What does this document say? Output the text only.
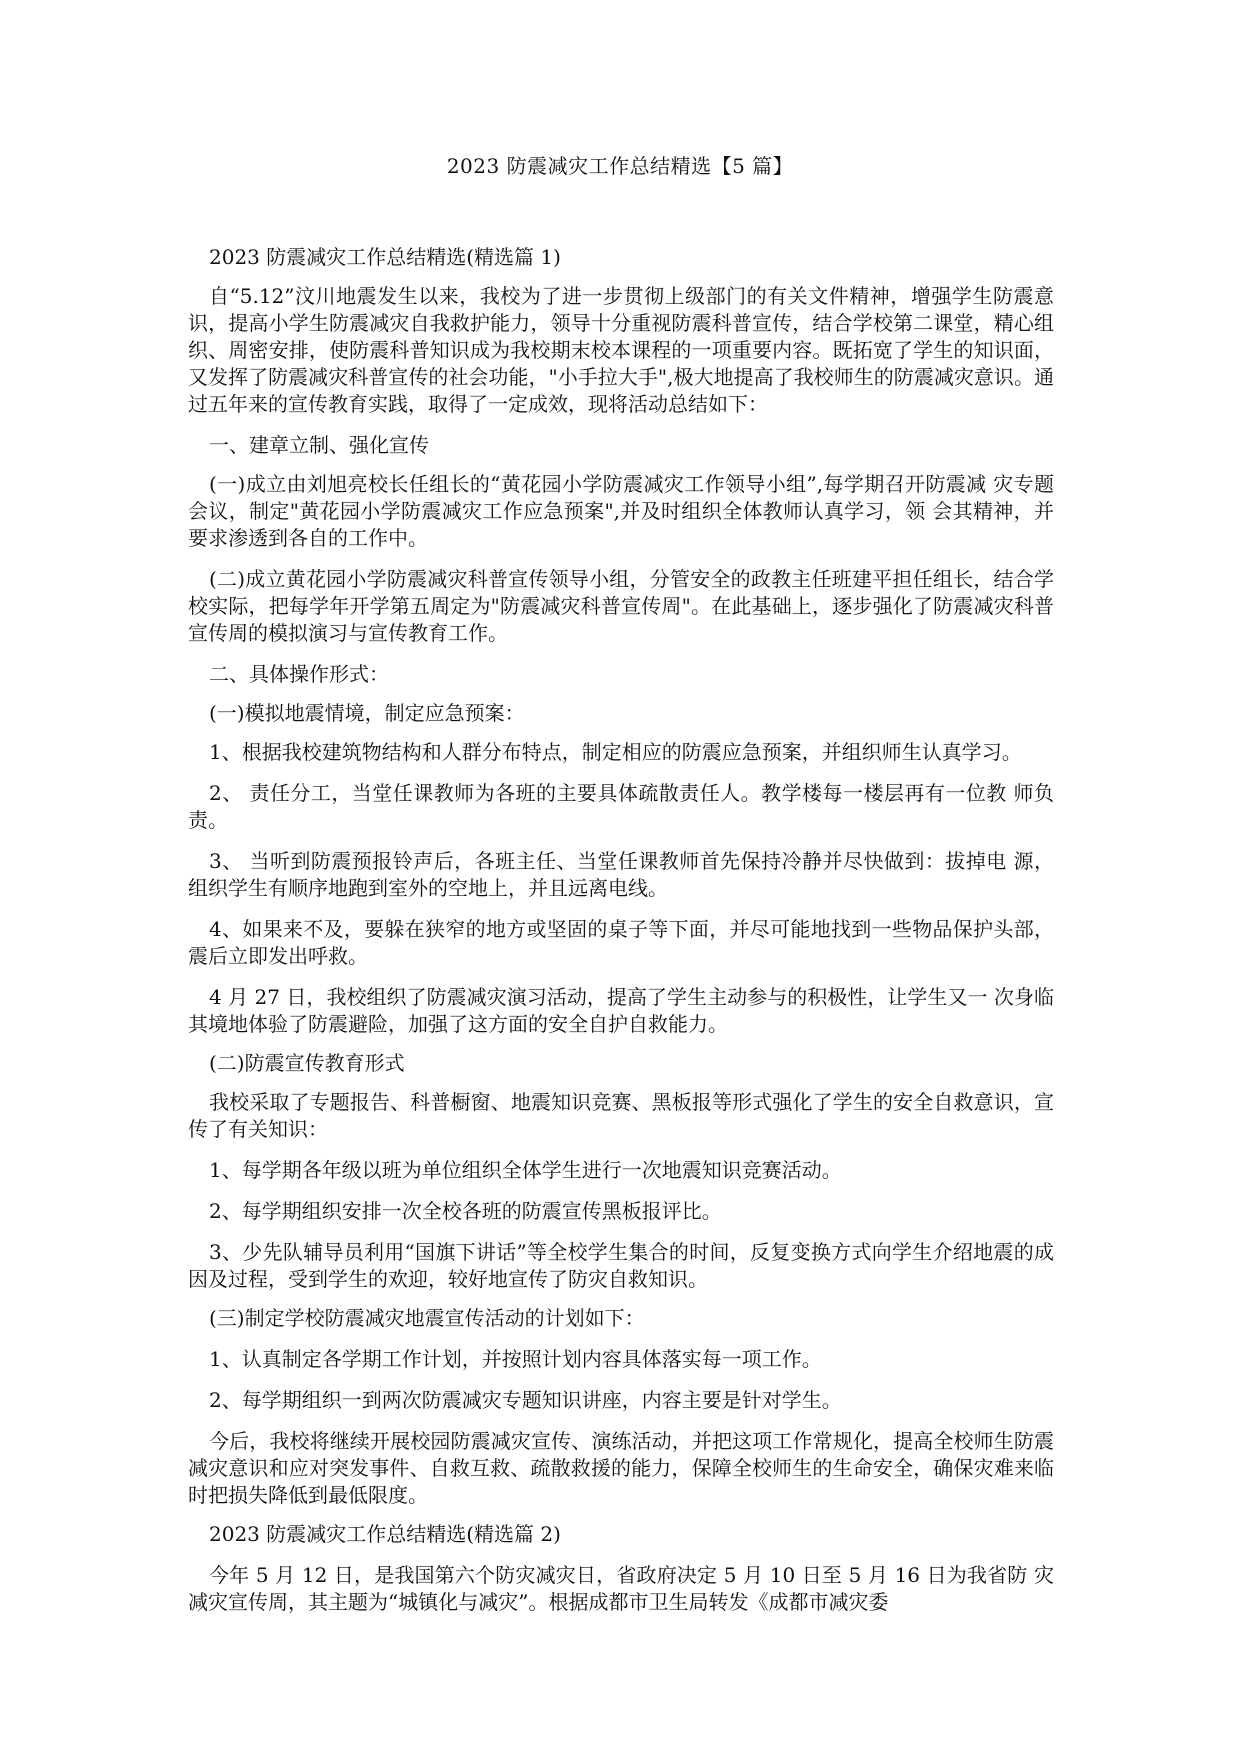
2023 防震减灾工作总结精选【5 篇】

2023 防震减灾工作总结精选(精选篇 1)

自“5.12”汶川地震发生以来，我校为了进一步贯彻上级部门的有关文件精神，增强学生防震意识，提高小学生防震减灾自我救护能力，领导十分重视防震科普宣传，结合学校第二课堂，精心组织、周密安排，使防震科普知识成为我校期末校本课程的一项重要内容。既拓宽了学生的知识面，又发挥了防震减灾科普宣传的社会功能，"小手拉大手",极大地提高了我校师生的防震减灾意识。通过五年来的宣传教育实践，取得了一定成效，现将活动总结如下：

一、建章立制、强化宣传

(一)成立由刘旭亮校长任组长的“黄花园小学防震减灾工作领导小组”,每学期召开防震减 灾专题会议，制定"黄花园小学防震减灾工作应急预案",并及时组织全体教师认真学习，领 会其精神，并要求渗透到各自的工作中。

(二)成立黄花园小学防震减灾科普宣传领导小组，分管安全的政教主任班建平担任组长，结合学校实际，把每学年开学第五周定为"防震减灾科普宣传周"。在此基础上，逐步强化了防震减灾科普宣传周的模拟演习与宣传教育工作。

二、具体操作形式：

(一)模拟地震情境，制定应急预案：

1、根据我校建筑物结构和人群分布特点，制定相应的防震应急预案，并组织师生认真学习。

2、 责任分工，当堂任课教师为各班的主要具体疏散责任人。教学楼每一楼层再有一位教 师负责。

3、 当听到防震预报铃声后，各班主任、当堂任课教师首先保持冷静并尽快做到：拔掉电 源，组织学生有顺序地跑到室外的空地上，并且远离电线。

4、如果来不及，要躲在狭窄的地方或坚固的桌子等下面，并尽可能地找到一些物品保护头部，震后立即发出呼救。

4 月 27 日，我校组织了防震减灾演习活动，提高了学生主动参与的积极性，让学生又一 次身临其境地体验了防震避险，加强了这方面的安全自护自救能力。

(二)防震宣传教育形式

我校采取了专题报告、科普橱窗、地震知识竞赛、黑板报等形式强化了学生的安全自救意识，宣传了有关知识：

1、每学期各年级以班为单位组织全体学生进行一次地震知识竞赛活动。

2、每学期组织安排一次全校各班的防震宣传黑板报评比。

3、少先队辅导员利用“国旗下讲话”等全校学生集合的时间，反复变换方式向学生介绍地震的成因及过程，受到学生的欢迎，较好地宣传了防灾自救知识。

(三)制定学校防震减灾地震宣传活动的计划如下：

1、认真制定各学期工作计划，并按照计划内容具体落实每一项工作。

2、每学期组织一到两次防震减灾专题知识讲座，内容主要是针对学生。

今后，我校将继续开展校园防震减灾宣传、演练活动，并把这项工作常规化，提高全校师生防震减灾意识和应对突发事件、自救互救、疏散救援的能力，保障全校师生的生命安全，确保灾难来临时把损失降低到最低限度。

2023 防震减灾工作总结精选(精选篇 2)

今年 5 月 12 日，是我国第六个防灾减灾日，省政府决定 5 月 10 日至 5 月 16 日为我省防 灾减灾宣传周，其主题为“城镇化与减灾”。根据成都市卫生局转发《成都市减灾委
